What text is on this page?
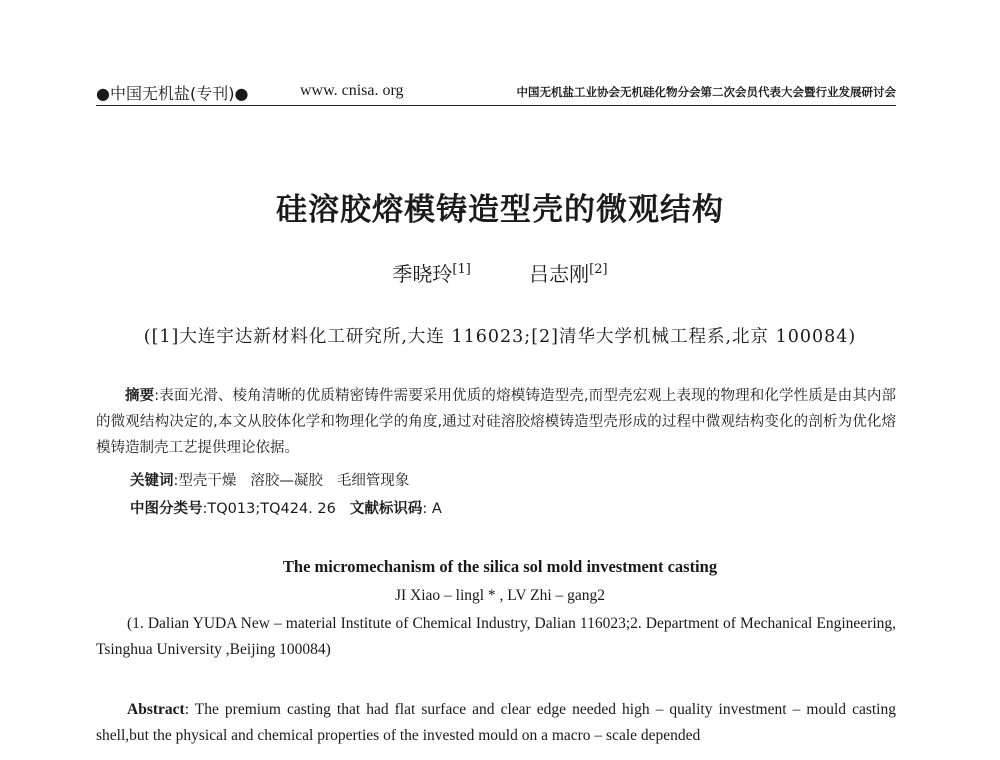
●中国无机盐(专刊)●	www. cnisa. org	中国无机盐工业协会无机硅化物分会第二次会员代表大会暨行业发展研讨会
硅溶胶熔模铸造型壳的微观结构
季晓玲[1]	吕志刚[2]
([1]大连宇达新材料化工研究所,大连 116023;[2]清华大学机械工程系,北京 100084)
摘要:表面光滑、棱角清晰的优质精密铸件需要采用优质的熔模铸造型壳,而型壳宏观上表现的物理和化学性质是由其内部的微观结构决定的,本文从胶体化学和物理化学的角度,通过对硅溶胶熔模铸造型壳形成的过程中微观结构变化的剖析为优化熔模铸造制壳工艺提供理论依据。
关键词:型壳干燥 溶胶—凝胶 毛细管现象
中图分类号:TQ013;TQ424. 26 文献标识码: A
The micromechanism of the silica sol mold investment casting
JI Xiao – lingl * , LV Zhi – gang2
(1. Dalian YUDA New – material Institute of Chemical Industry, Dalian 116023;2. Department of Mechanical Engineering, Tsinghua University ,Beijing 100084)
Abstract: The premium casting that had flat surface and clear edge needed high – quality investment – mould casting shell,but the physical and chemical properties of the invested mould on a macro – scale depended
